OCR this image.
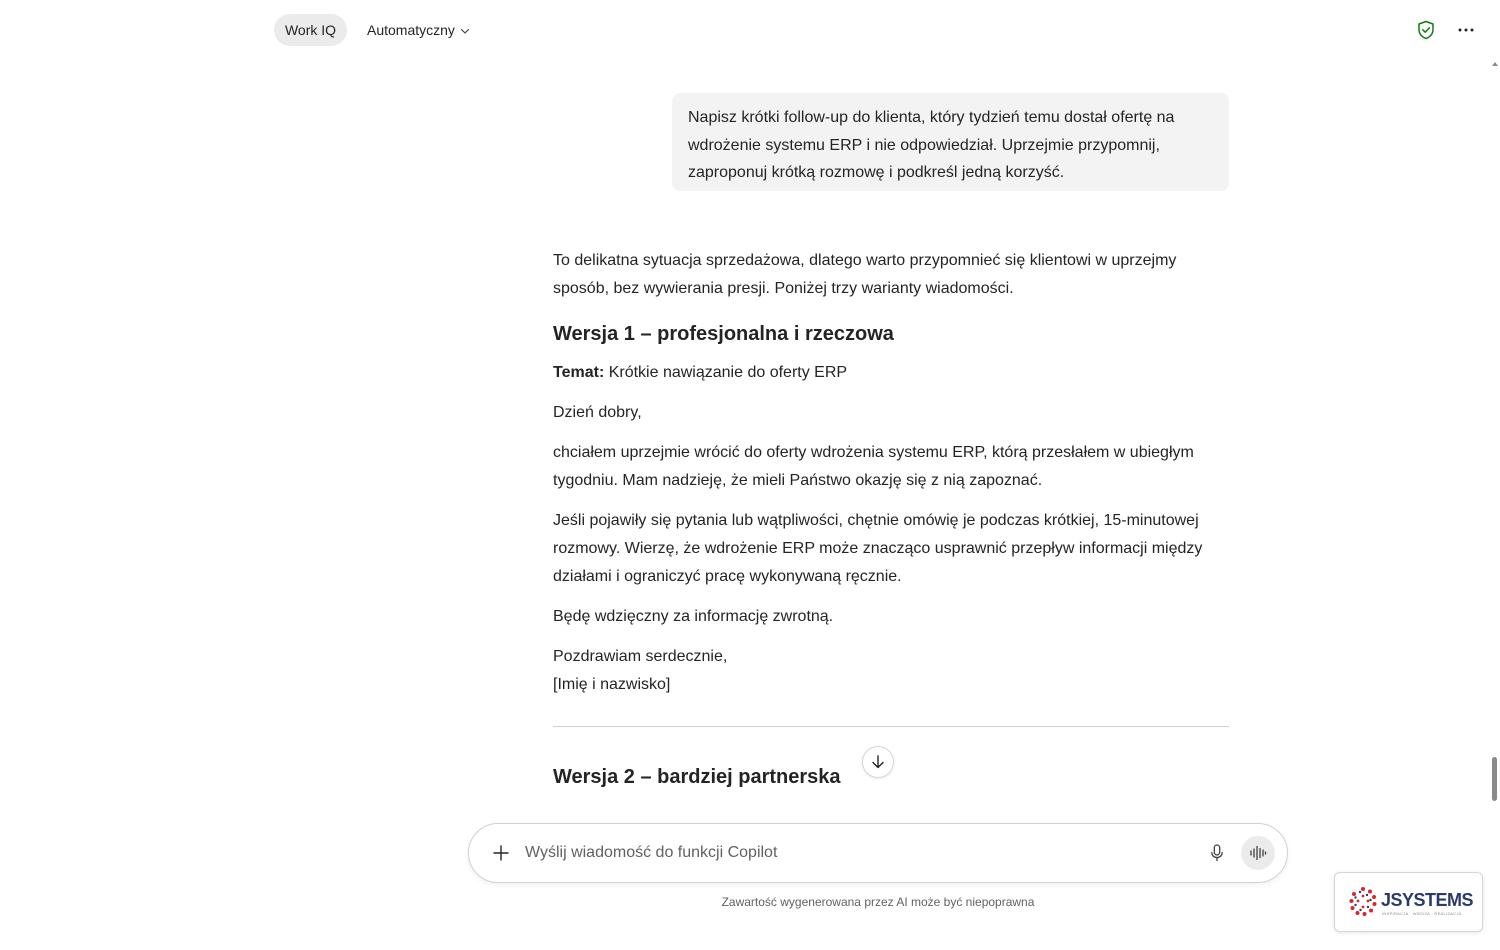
Work IQ	Automatyczny
Napisz krótki follow-up do klienta, który tydzień temu dostał ofertę na wdrożenie systemu ERP i nie odpowiedział. Uprzejmie przypomnij, zaproponuj krótką rozmowę i podkreśl jedną korzyść.

To delikatna sytuacja sprzedażowa, dlatego warto przypomnieć się klientowi w uprzejmy sposób, bez wywierania presji. Poniżej trzy warianty wiadomości.

Wersja 1 – profesjonalna i rzeczowa

Temat: Krótkie nawiązanie do oferty ERP

Dzień dobry,

chciałem uprzejmie wrócić do oferty wdrożenia systemu ERP, którą przesłałem w ubiegłym tygodniu. Mam nadzieję, że mieli Państwo okazję się z nią zapoznać.

Jeśli pojawiły się pytania lub wątpliwości, chętnie omówię je podczas krótkiej, 15-minutowej rozmowy. Wierzę, że wdrożenie ERP może znacząco usprawnić przepływ informacji między działami i ograniczyć pracę wykonywaną ręcznie.

Będę wdzięczny za informację zwrotną.

Pozdrawiam serdecznie,
[Imię i nazwisko]
Wersja 2 – bardziej partnerska
Wyślij wiadomość do funkcji Copilot
Zawartość wygenerowana przez AI może być niepoprawna	JSYSTEMS
INSPIRACJA · WIEDZA · REALIZACJA
